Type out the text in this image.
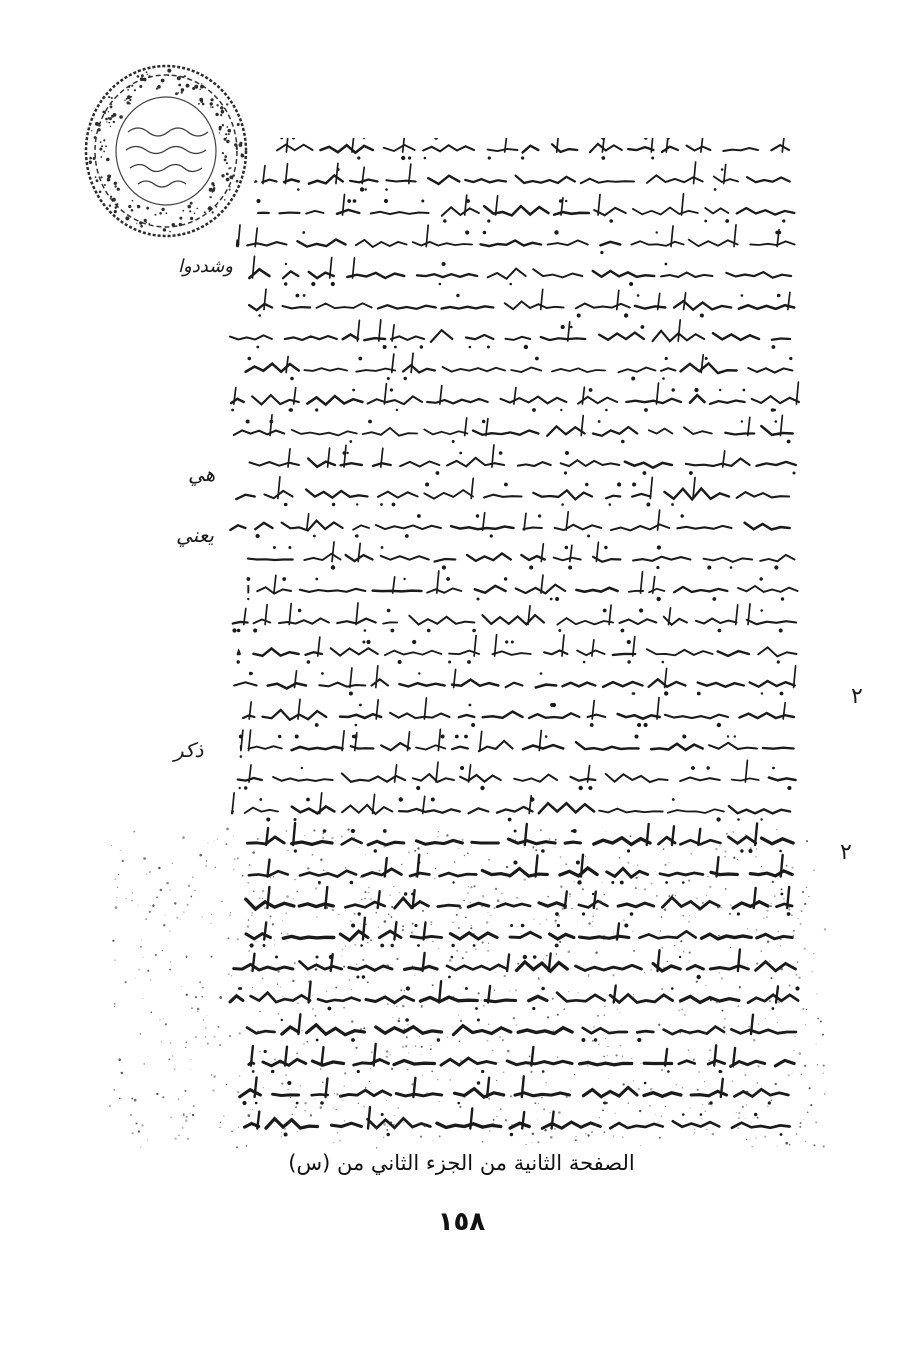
وشددوا
هي
يعني
٢
ذكر
٢
الصفحة الثانية من الجزء الثاني من (س)
١٥٨
